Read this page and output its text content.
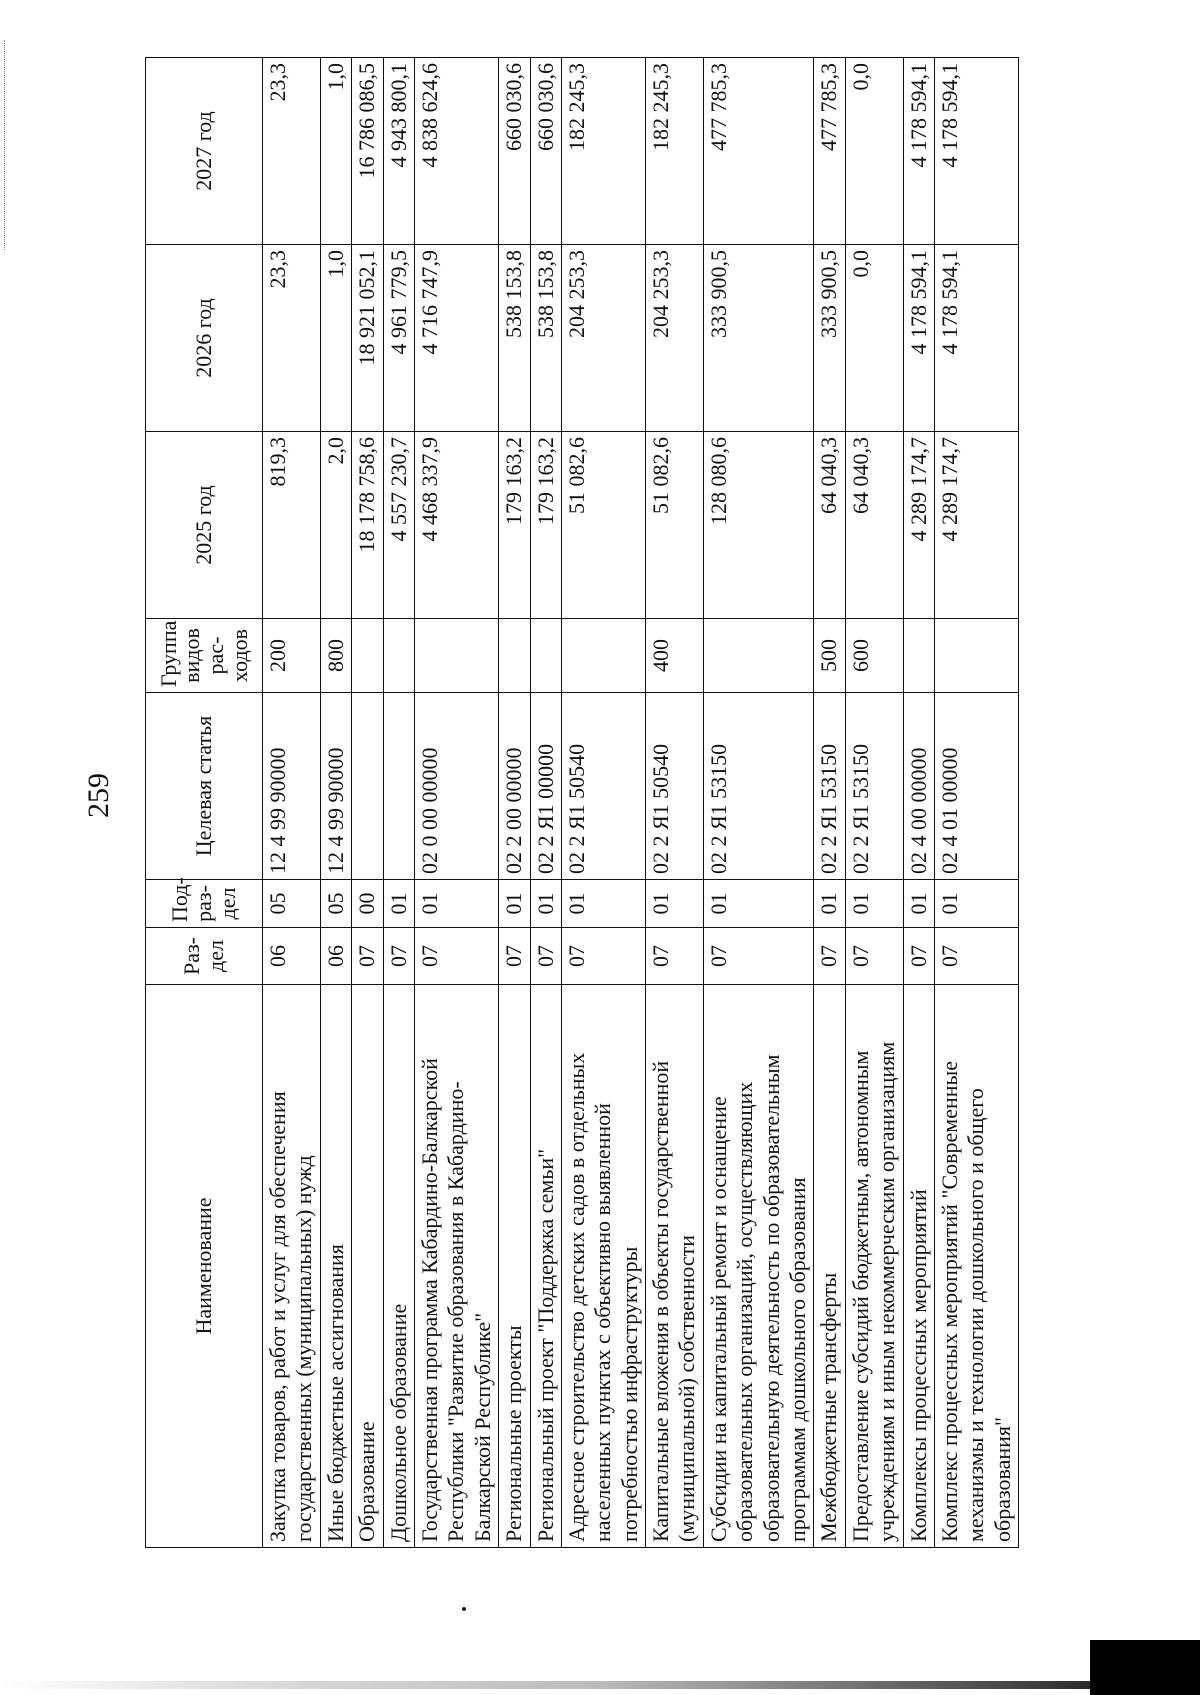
259
Наименование	Раз-дел	Под-раз-дел	Целевая статья	Группа видов рас-ходов	2025 год	2026 год	2027 год
Закупка товаров, работ и услуг для обеспечения государственных (муниципальных) нужд	06	05	12 4 99 90000	200	819,3	23,3	23,3
Иные бюджетные ассигнования	06	05	12 4 99 90000	800	2,0	1,0	1,0
Образование	07	00			18 178 758,6	18 921 052,1	16 786 086,5
Дошкольное образование	07	01			4 557 230,7	4 961 779,5	4 943 800,1
Государственная программа Кабардино-Балкарской Республики "Развитие образования в Кабардино-Балкарской Республике"	07	01	02 0 00 00000		4 468 337,9	4 716 747,9	4 838 624,6
Региональные проекты	07	01	02 2 00 00000		179 163,2	538 153,8	660 030,6
Региональный проект "Поддержка семьи"	07	01	02 2 Я1 00000		179 163,2	538 153,8	660 030,6
Адресное строительство детских садов в отдельных населенных пунктах с объективно выявленной потребностью инфраструктуры	07	01	02 2 Я1 50540		51 082,6	204 253,3	182 245,3
Капитальные вложения в объекты государственной (муниципальной) собственности	07	01	02 2 Я1 50540	400	51 082,6	204 253,3	182 245,3
Субсидии на капитальный ремонт и оснащение образовательных организаций, осуществляющих образовательную деятельность по образовательным программам дошкольного образования	07	01	02 2 Я1 53150		128 080,6	333 900,5	477 785,3
Межбюджетные трансферты	07	01	02 2 Я1 53150	500	64 040,3	333 900,5	477 785,3
Предоставление субсидий бюджетным, автономным учреждениям и иным некоммерческим организациям	07	01	02 2 Я1 53150	600	64 040,3	0,0	0,0
Комплексы процессных мероприятий	07	01	02 4 00 00000		4 289 174,7	4 178 594,1	4 178 594,1
Комплекс процессных мероприятий "Современные механизмы и технологии дошкольного и общего образования"	07	01	02 4 01 00000		4 289 174,7	4 178 594,1	4 178 594,1
